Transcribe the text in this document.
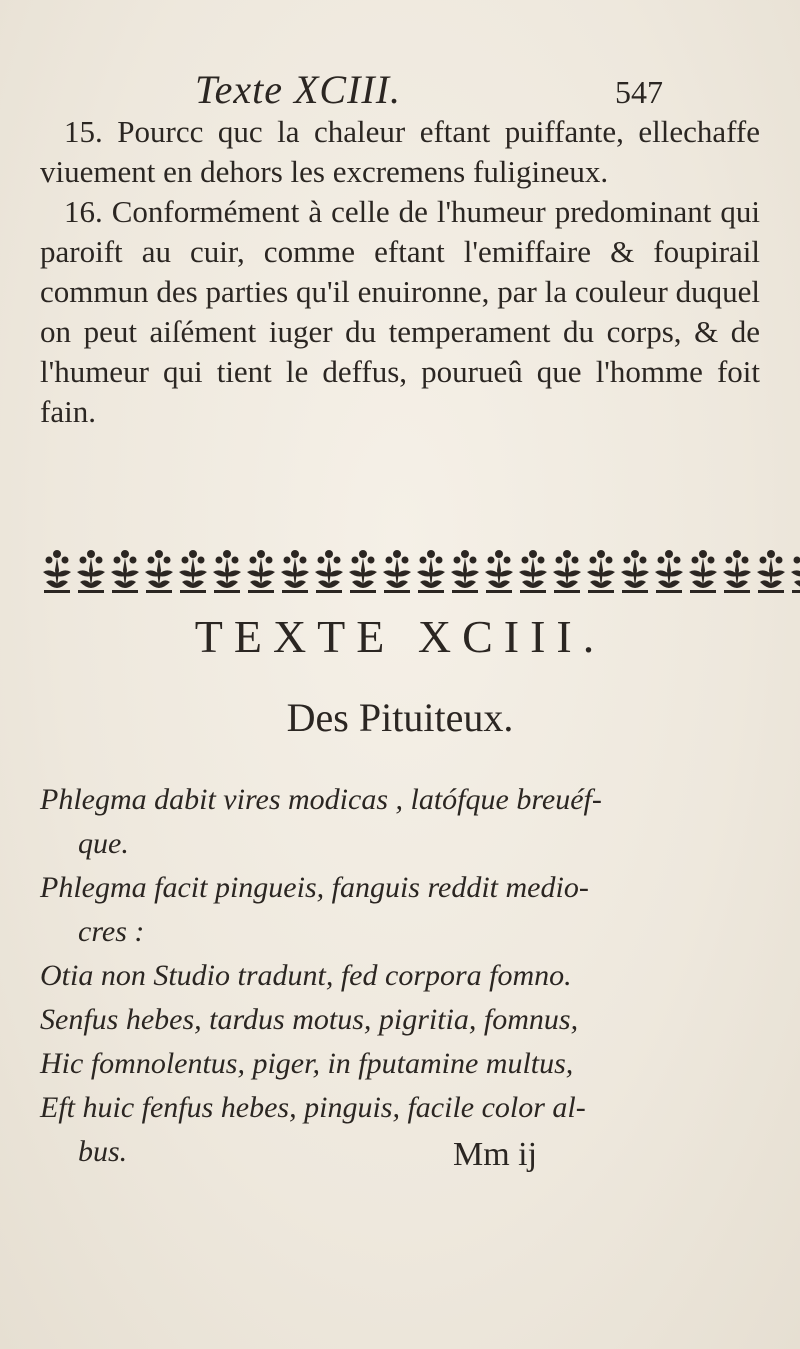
Texte XCIII.	547

15. Pourcc quc la chaleur eftant puiffante, ellechaffe viuement en dehors les excremens fuligineux.

16. Conformément à celle de l'humeur predominant qui paroift au cuir, comme eftant l'emiffaire & foupirail commun des parties qu'il enuironne, par la couleur duquel on peut aiſément iuger du temperament du corps, & de l'humeur qui tient le deffus, pourueû que l'homme foit fain.

TEXTE XCIII.
Des Pituiteux.
Phlegma dabit vires modicas , latófque breuéf-
que.
Phlegma facit pingueis, fanguis reddit medio-
cres :
Otia non Studio tradunt, fed corpora fomno.
Senfus hebes, tardus motus, pigritia, fomnus,
Hic fomnolentus, piger, in fputamine multus,
Eft huic fenfus hebes, pinguis, facile color al-
bus.	Mm ij
